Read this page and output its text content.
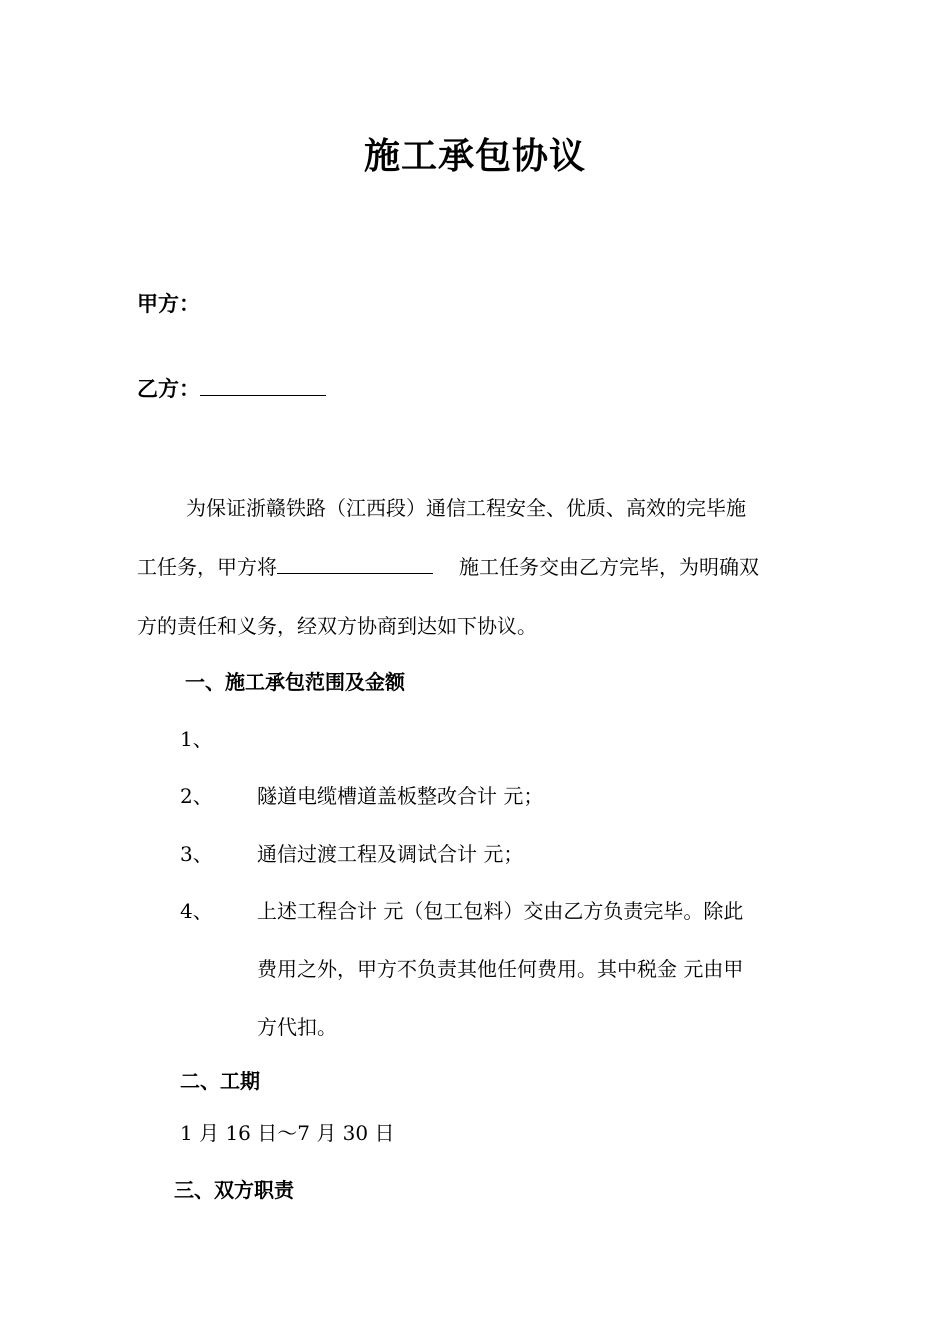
施工承包协议
甲方：
乙方：
为保证浙赣铁路（江西段）通信工程安全、优质、高效的完毕施
工任务，甲方将	施工任务交由乙方完毕，为明确双
方的责任和义务，经双方协商到达如下协议。
一、施工承包范围及金额
1、
2、 隧道电缆槽道盖板整改合计 元；
3、 通信过渡工程及调试合计 元；
4、 上述工程合计 元（包工包料）交由乙方负责完毕。除此
费用之外，甲方不负责其他任何费用。其中税金 元由甲
方代扣。
二、工期
1 月 16 日～7 月 30 日
三、双方职责
